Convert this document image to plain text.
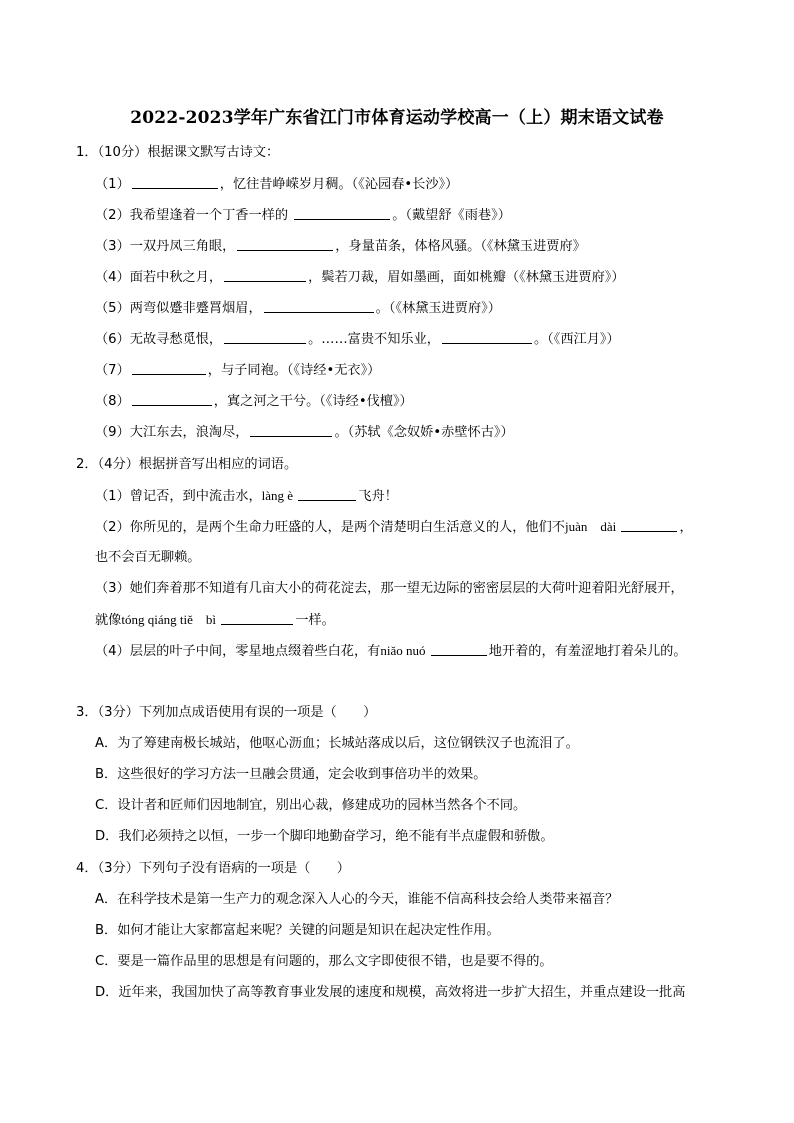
2022-2023学年广东省江门市体育运动学校高一（上）期末语文试卷
1．（10分）根据课文默写古诗文：
（1）	，忆往昔峥嵘岁月稠。（《沁园春•长沙》）
（2）我希望逢着一个丁香一样的	。（戴望舒《雨巷》）
（3）一双丹凤三角眼，	，身量苗条，体格风骚。（《林黛玉进贾府》
（4）面若中秋之月，	，鬓若刀裁，眉如墨画，面如桃瓣（《林黛玉进贾府》）
（5）两弯似蹙非蹙罥烟眉，	。（《林黛玉进贾府》）
（6）无故寻愁觅恨，	。……富贵不知乐业，	。（《西江月》）
（7）	，与子同袍。（《诗经•无衣》）
（8）	，寘之河之干兮。（《诗经•伐檀》）
（9）大江东去，浪淘尽，	。（苏轼《念奴娇•赤壁怀古》）
2．（4分）根据拼音写出相应的词语。
（1）曾记否，到中流击水，làng è	飞舟！
（2）你所见的，是两个生命力旺盛的人，是两个清楚明白生活意义的人，他们不juàn　dài	，
也不会百无聊赖。
（3）她们奔着那不知道有几亩大小的荷花淀去，那一望无边际的密密层层的大荷叶迎着阳光舒展开，
就像tóng qiáng tiě　bì	一样。
（4）层层的叶子中间，零星地点缀着些白花，有niǎo nuó	地开着的，有羞涩地打着朵儿的。
3．（3分）下列加点成语使用有误的一项是（　　）
A．为了筹建南极长城站，他呕心沥血；长城站落成以后，这位钢铁汉子也流泪了。
B．这些很好的学习方法一旦融会贯通，定会收到事倍功半的效果。
C．设计者和匠师们因地制宜，别出心裁，修建成功的园林当然各个不同。
D．我们必须持之以恒，一步一个脚印地勤奋学习，绝不能有半点虚假和骄傲。
4．（3分）下列句子没有语病的一项是（　　）
A．在科学技术是第一生产力的观念深入人心的今天，谁能不信高科技会给人类带来福音？
B．如何才能让大家都富起来呢？关键的问题是知识在起决定性作用。
C．要是一篇作品里的思想是有问题的，那么文字即使很不错，也是要不得的。
D．近年来，我国加快了高等教育事业发展的速度和规模，高效将进一步扩大招生，并重点建设一批高
